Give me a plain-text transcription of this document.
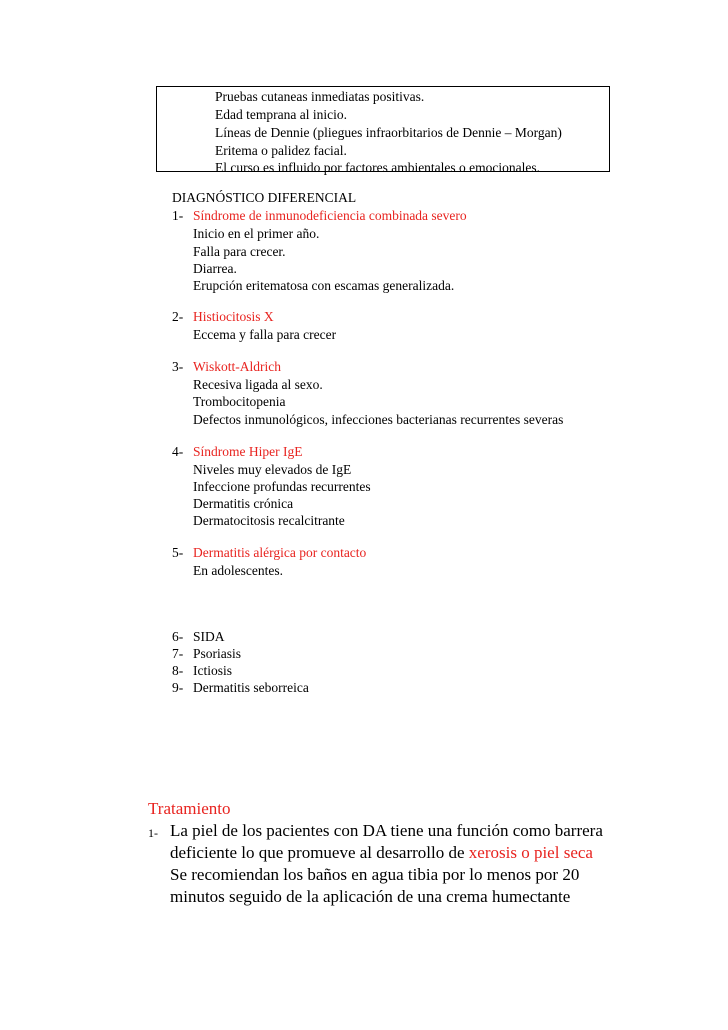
Pruebas cutaneas inmediatas positivas.
Edad temprana al inicio.
Líneas de Dennie (pliegues infraorbitarios de Dennie – Morgan)
Eritema o palidez facial.
El curso es influido por factores ambientales o emocionales.
DIAGNÓSTICO DIFERENCIAL
1- Síndrome de inmunodeficiencia combinada severo
Inicio en el primer año.
Falla para crecer.
Diarrea.
Erupción eritematosa con escamas generalizada.
2- Histiocitosis X
Eccema y falla para crecer
3- Wiskott-Aldrich
Recesiva ligada al sexo.
Trombocitopenia
Defectos inmunológicos, infecciones bacterianas recurrentes severas
4- Síndrome Hiper IgE
Niveles muy elevados de IgE
Infeccione profundas recurrentes
Dermatitis crónica
Dermatocitosis recalcitrante
5- Dermatitis alérgica por contacto
En adolescentes.
6- SIDA
7- Psoriasis
8- Ictiosis
9- Dermatitis seborreica
Tratamiento
1- La piel de los pacientes con DA tiene una función como barrera
deficiente lo que promueve al desarrollo de xerosis o piel seca
Se recomiendan los baños en agua tibia por lo menos por 20
minutos seguido de la aplicación de una crema humectante
